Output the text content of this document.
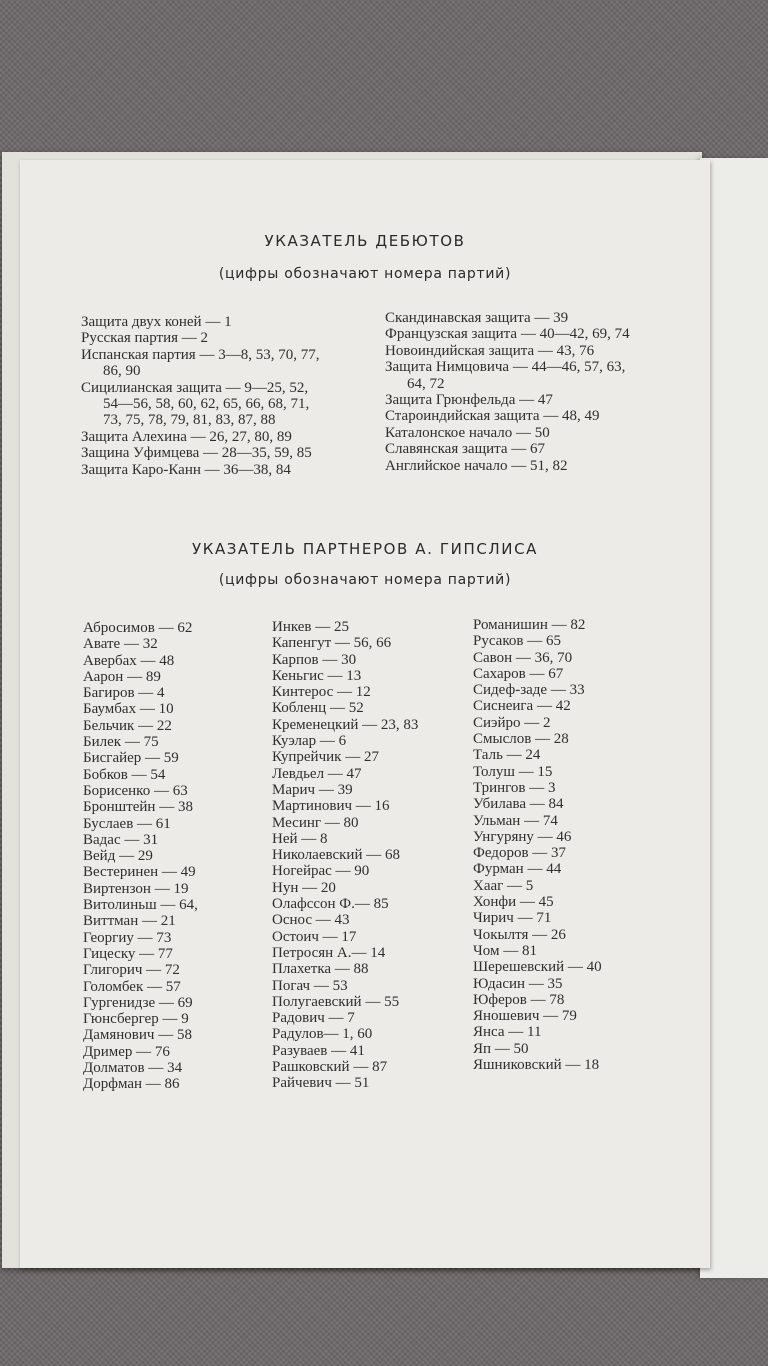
УКАЗАТЕЛЬ ДЕБЮТОВ
(цифры обозначают номера партий)
Защита двух коней — 1
Русская партия — 2
Испанская партия — 3—8, 53, 70, 77,
86, 90
Сицилианская защита — 9—25, 52,
54—56, 58, 60, 62, 65, 66, 68, 71,
73, 75, 78, 79, 81, 83, 87, 88
Защита Алехина — 26, 27, 80, 89
Защина Уфимцева — 28—35, 59, 85
Защита Каро-Канн — 36—38, 84
Скандинавская защита — 39
Французская защита — 40—42, 69, 74
Новоиндийская защита — 43, 76
Защита Нимцовича — 44—46, 57, 63,
64, 72
Защита Грюнфельда — 47
Староиндийская защита — 48, 49
Каталонское начало — 50
Славянская защита — 67
Английское начало — 51, 82
УКАЗАТЕЛЬ ПАРТНЕРОВ А. ГИПСЛИСА
(цифры обозначают номера партий)
Абросимов — 62
Авате — 32
Авербах — 48
Аарон — 89
Багиров — 4
Баумбах — 10
Бельчик — 22
Билек — 75
Бисгайер — 59
Бобков — 54
Борисенко — 63
Бронштейн — 38
Буслаев — 61
Вадас — 31
Вейд — 29
Вестеринен — 49
Виртензон — 19
Витолиньш — 64,
Виттман — 21
Георгиу — 73
Гицеску — 77
Глигорич — 72
Голомбек — 57
Гургенидзе — 69
Гюнсбергер — 9
Дамянович — 58
Дример — 76
Долматов — 34
Дорфман — 86
Инкев — 25
Капенгут — 56, 66
Карпов — 30
Кеньгис — 13
Кинтерос — 12
Кобленц — 52
Кременецкий — 23, 83
Куэлар — 6
Купрейчик — 27
Левдьел — 47
Марич — 39
Мартинович — 16
Месинг — 80
Ней — 8
Николаевский — 68
Ногейрас — 90
Нун — 20
Олафссон Ф.— 85
Оснос — 43
Остоич — 17
Петросян А.— 14
Плахетка — 88
Погач — 53
Полугаевский — 55
Радович — 7
Радулов— 1, 60
Разуваев — 41
Рашковский — 87
Райчевич — 51
Романишин — 82
Русаков — 65
Савон — 36, 70
Сахаров — 67
Сидеф-заде — 33
Сиснеига — 42
Сиэйро — 2
Смыслов — 28
Таль — 24
Толуш — 15
Трингов — 3
Убилава — 84
Ульман — 74
Унгуряну — 46
Федоров — 37
Фурман — 44
Хааг — 5
Хонфи — 45
Чирич — 71
Чокылтя — 26
Чом — 81
Шерешевский — 40
Юдасин — 35
Юферов — 78
Яношевич — 79
Янса — 11
Яп — 50
Яшниковский — 18
